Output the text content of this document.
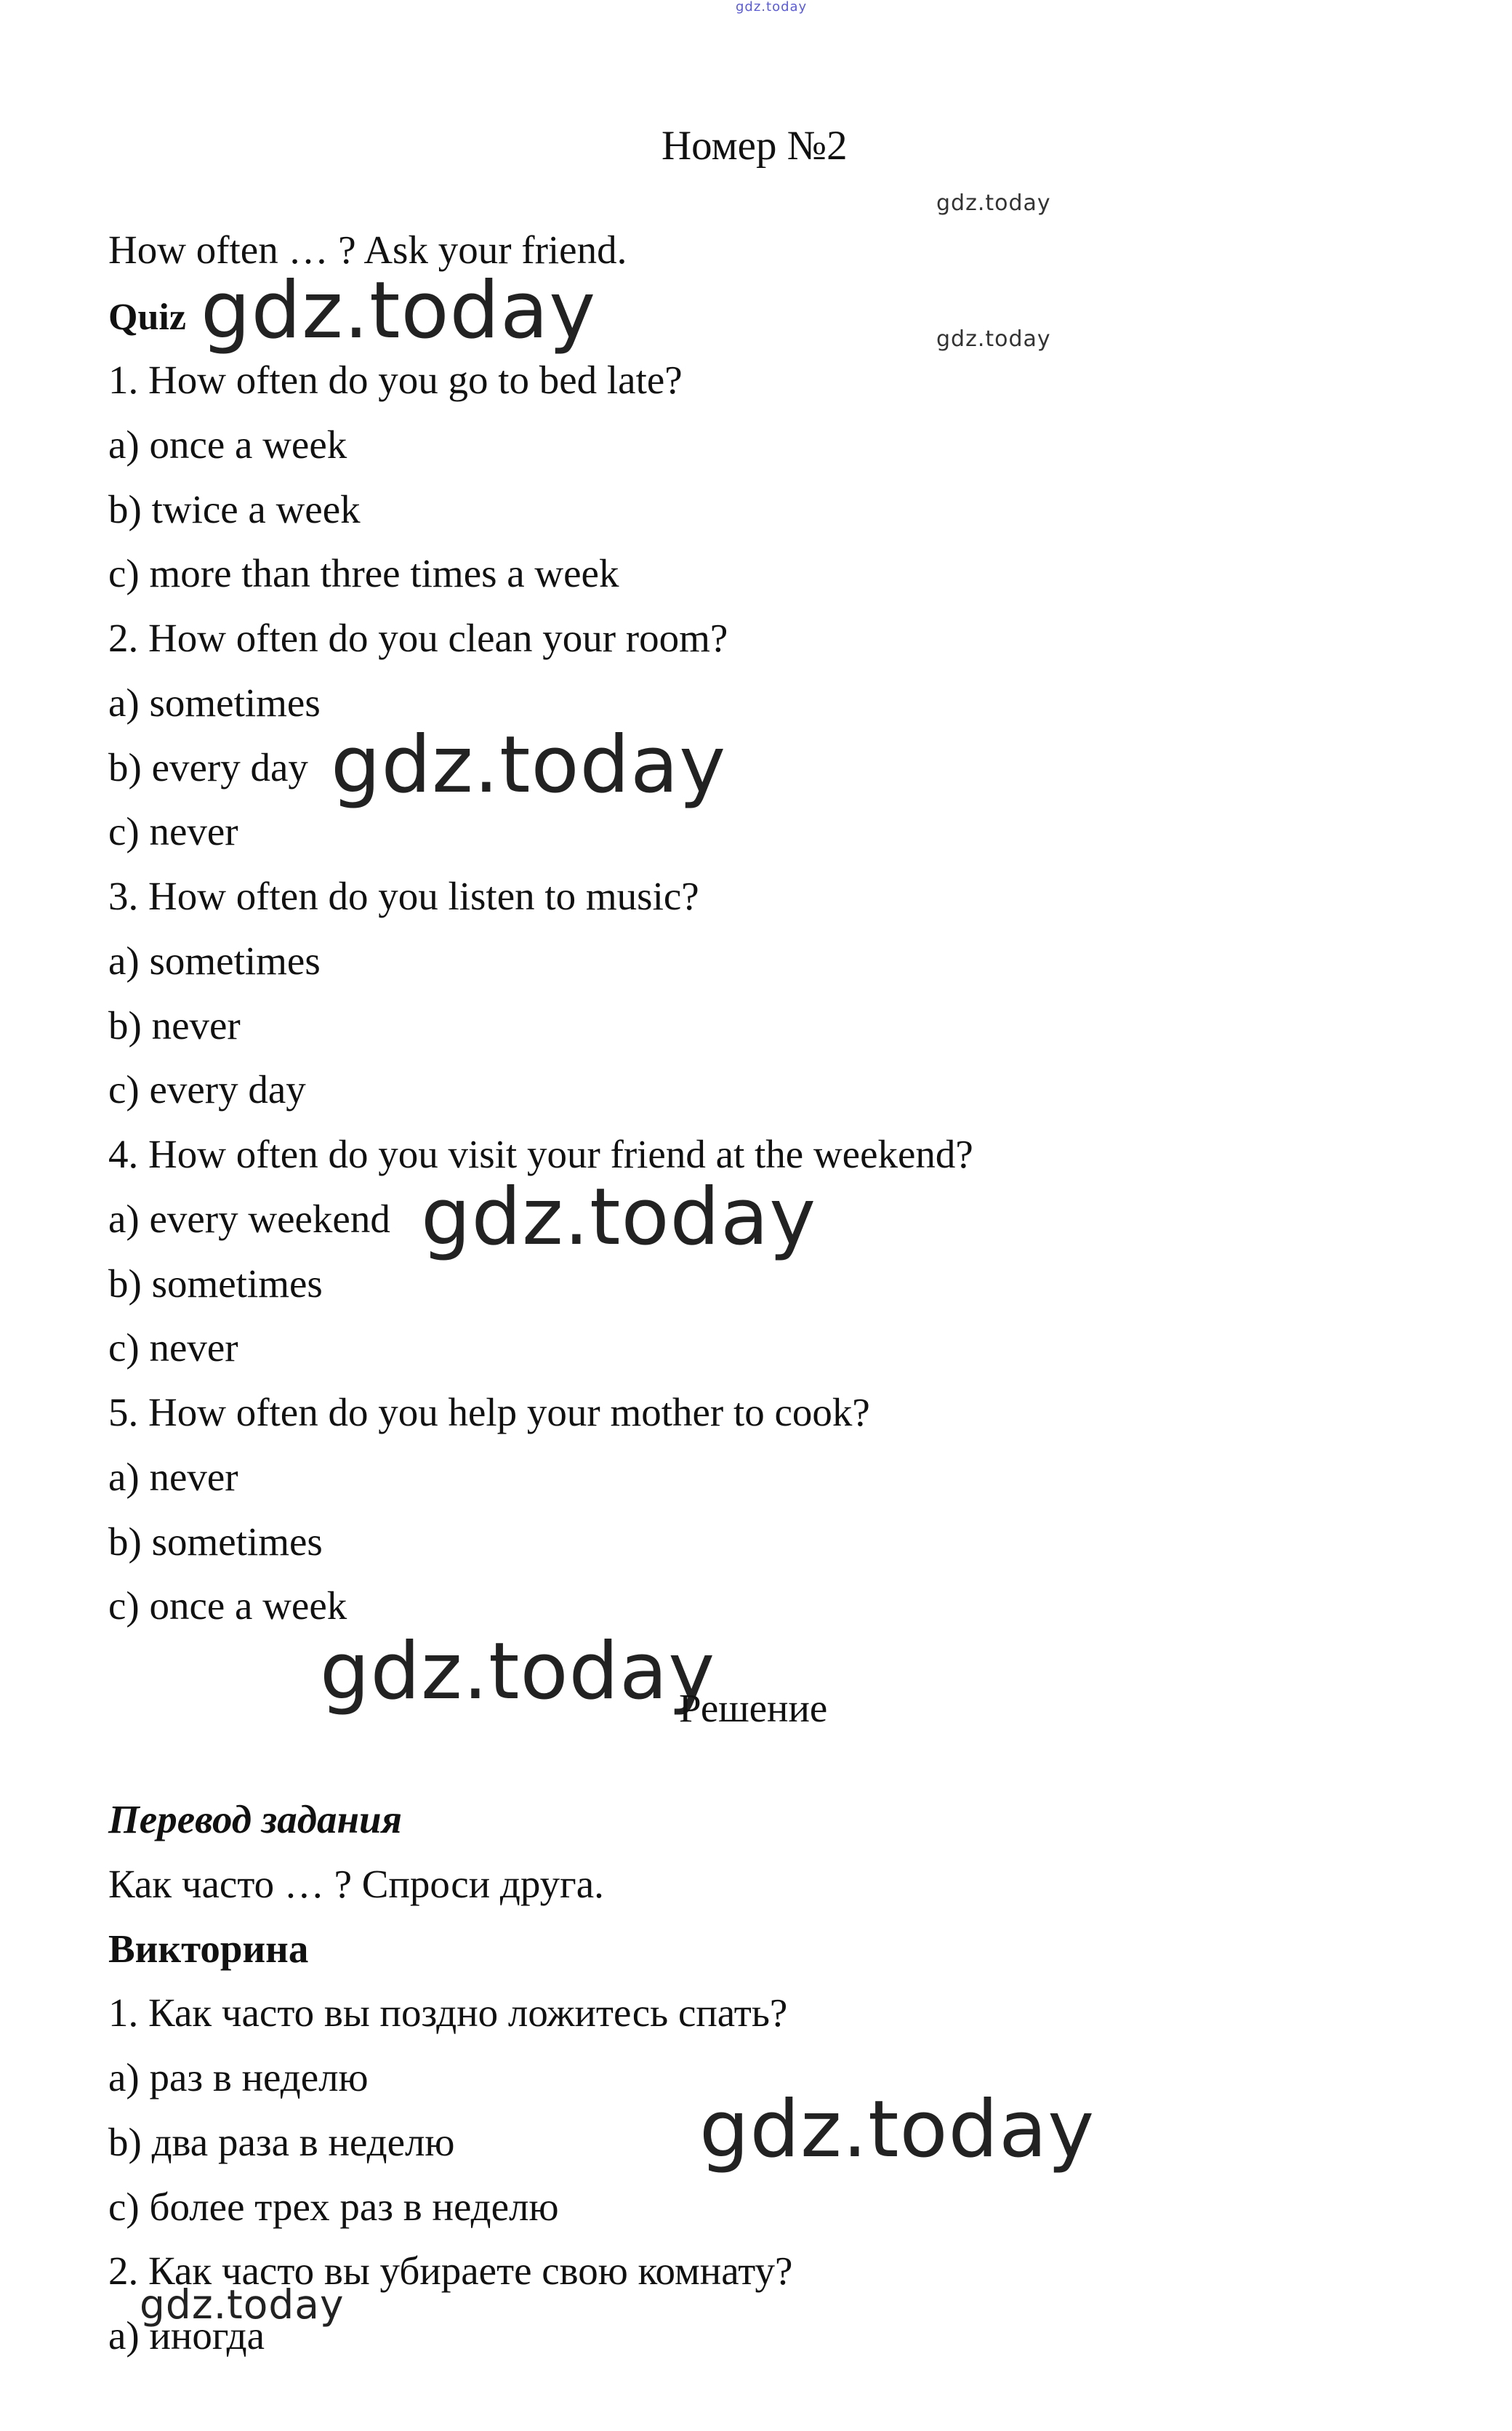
gdz.today
Номер №2
gdz.today
gdz.today
How often … ? Ask your friend.
Quiz gdz.today
1. How often do you go to bed late?
a) once a week
b) twice a week
c) more than three times a week
2. How often do you clean your room?
a) sometimes
b) every day gdz.today
c) never
3. How often do you listen to music?
a) sometimes
b) never
c) every day
4. How often do you visit your friend at the weekend?
a) every weekend gdz.today
b) sometimes
c) never
5. How often do you help your mother to cook?
a) never
b) sometimes
c) once a week
gdz.today
Решение
Перевод задания
Как часто … ? Спроси друга.
Викторина
1. Как часто вы поздно ложитесь спать?
а) раз в неделю
b) два раза в неделю	gdz.today
c) более трех раз в неделю
2. Как часто вы убираете свою комнату?
gdz.today
а) иногда
